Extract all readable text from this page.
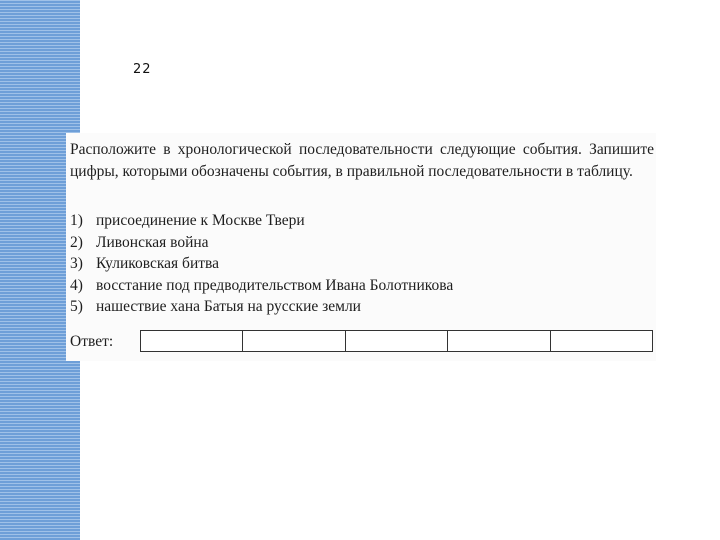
22
Расположите в хронологической последовательности следующие события. Запишите цифры, которыми обозначены события, в правильной последовательности в таблицу.
1) присоединение к Москве Твери
2) Ливонская война
3) Куликовская битва
4) восстание под предводительством Ивана Болотникова
5) нашествие хана Батыя на русские земли
Ответ:
